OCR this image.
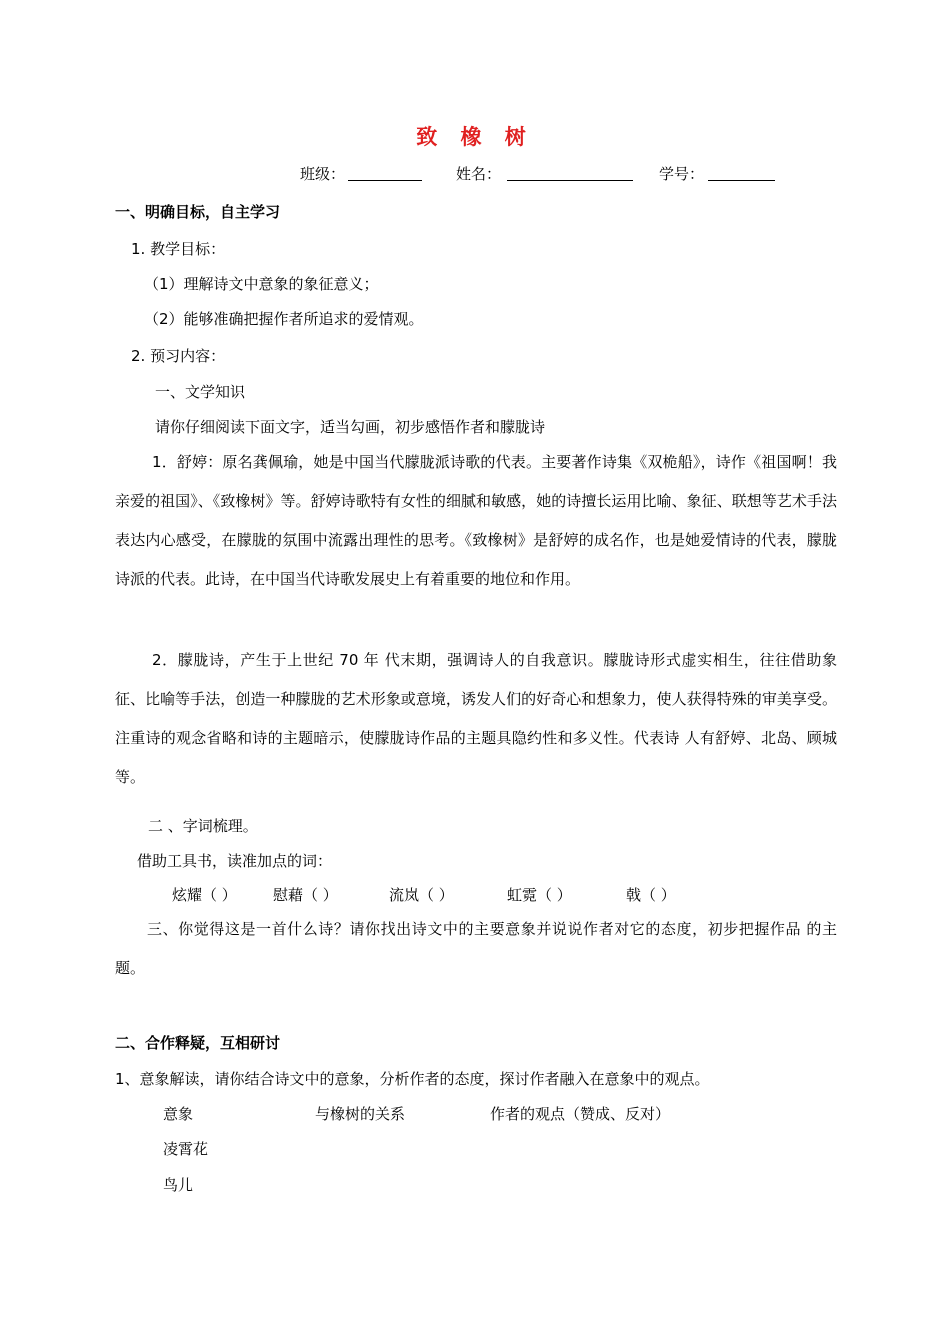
致 橡 树
班级：	姓名：	学号：
一、明确目标，自主学习
1. 教学目标：
（1）理解诗文中意象的象征意义；
（2）能够准确把握作者所追求的爱情观。
2. 预习内容：
一、文学知识
请你仔细阅读下面文字，适当勾画，初步感悟作者和朦胧诗
1．舒婷：原名龚佩瑜，她是中国当代朦胧派诗歌的代表。主要著作诗集《双桅船》，诗作《祖国啊！我亲爱的祖国》、《致橡树》等。舒婷诗歌特有女性的细腻和敏感，她的诗擅长运用比喻、象征、联想等艺术手法表达内心感受，在朦胧的氛围中流露出理性的思考。《致橡树》是舒婷的成名作，也是她爱情诗的代表，朦胧诗派的代表。此诗，在中国当代诗歌发展史上有着重要的地位和作用。
2．朦胧诗，产生于上世纪 70 年 代末期，强调诗人的自我意识。朦胧诗形式虚实相生，往往借助象征、比喻等手法，创造一种朦胧的艺术形象或意境，诱发人们的好奇心和想象力，使人获得特殊的审美享受。注重诗的观念省略和诗的主题暗示，使朦胧诗作品的主题具隐约性和多义性。代表诗 人有舒婷、北岛、顾城等。
二 、字词梳理。
借助工具书，读准加点的词：
炫耀（ ） 慰藉（ ）	流岚（ ）	虹霓（ ）	戟（ ）
三、你觉得这是一首什么诗？请你找出诗文中的主要意象并说说作者对它的态度，初步把握作品 的主题。
二、合作释疑，互相研讨
1、意象解读，请你结合诗文中的意象，分析作者的态度，探讨作者融入在意象中的观点。
意象	与橡树的关系	作者的观点（赞成、反对）
凌霄花
鸟儿
